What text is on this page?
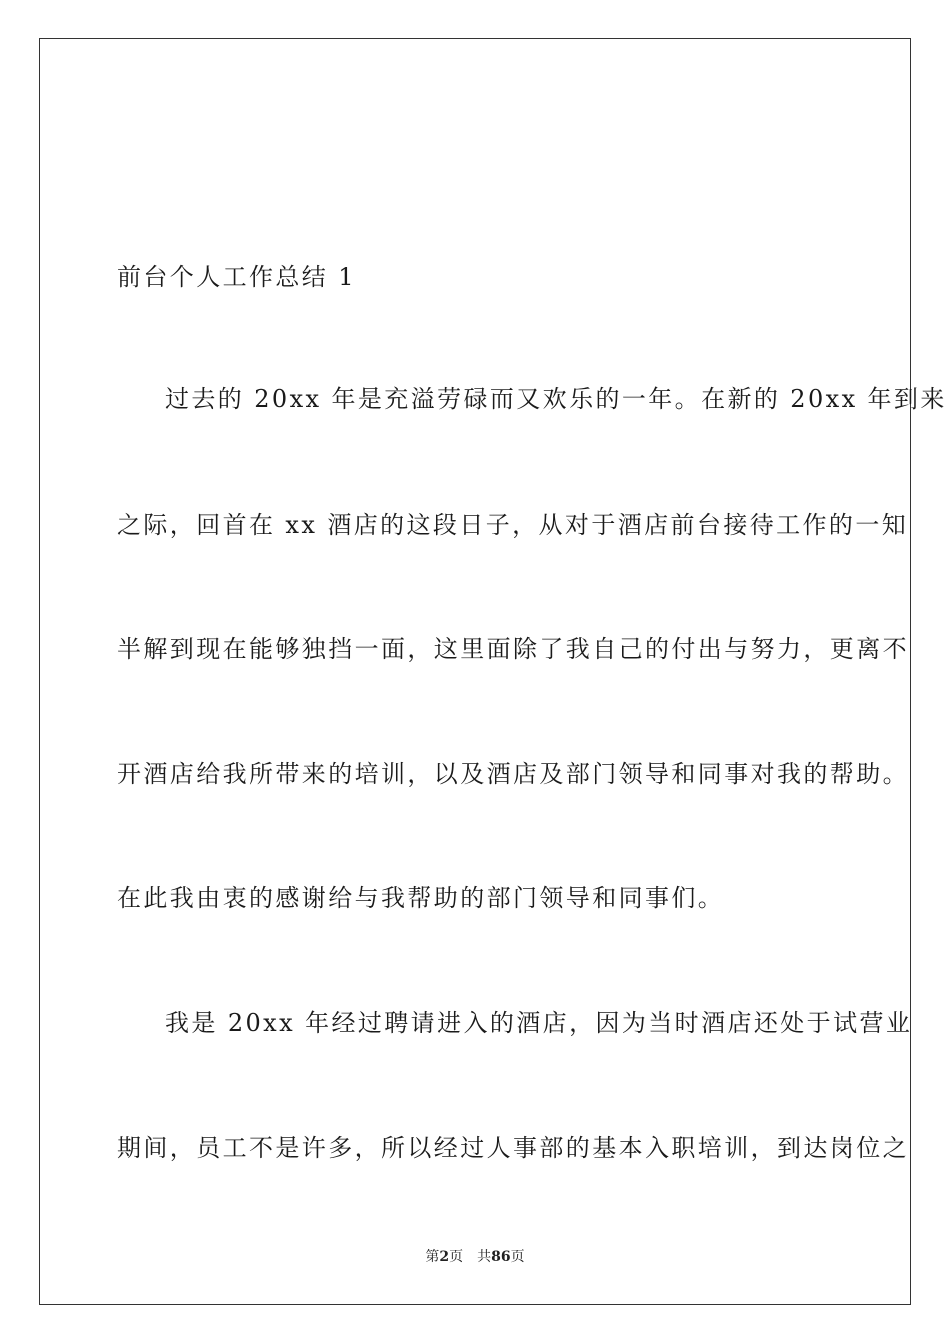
前台个人工作总结 1
过去的 20xx 年是充溢劳碌而又欢乐的一年。在新的 20xx 年到来
之际，回首在 xx 酒店的这段日子，从对于酒店前台接待工作的一知
半解到现在能够独挡一面，这里面除了我自己的付出与努力，更离不
开酒店给我所带来的培训，以及酒店及部门领导和同事对我的帮助。
在此我由衷的感谢给与我帮助的部门领导和同事们。
我是 20xx 年经过聘请进入的酒店，因为当时酒店还处于试营业
期间，员工不是许多，所以经过人事部的基本入职培训，到达岗位之
第2页 共86页
